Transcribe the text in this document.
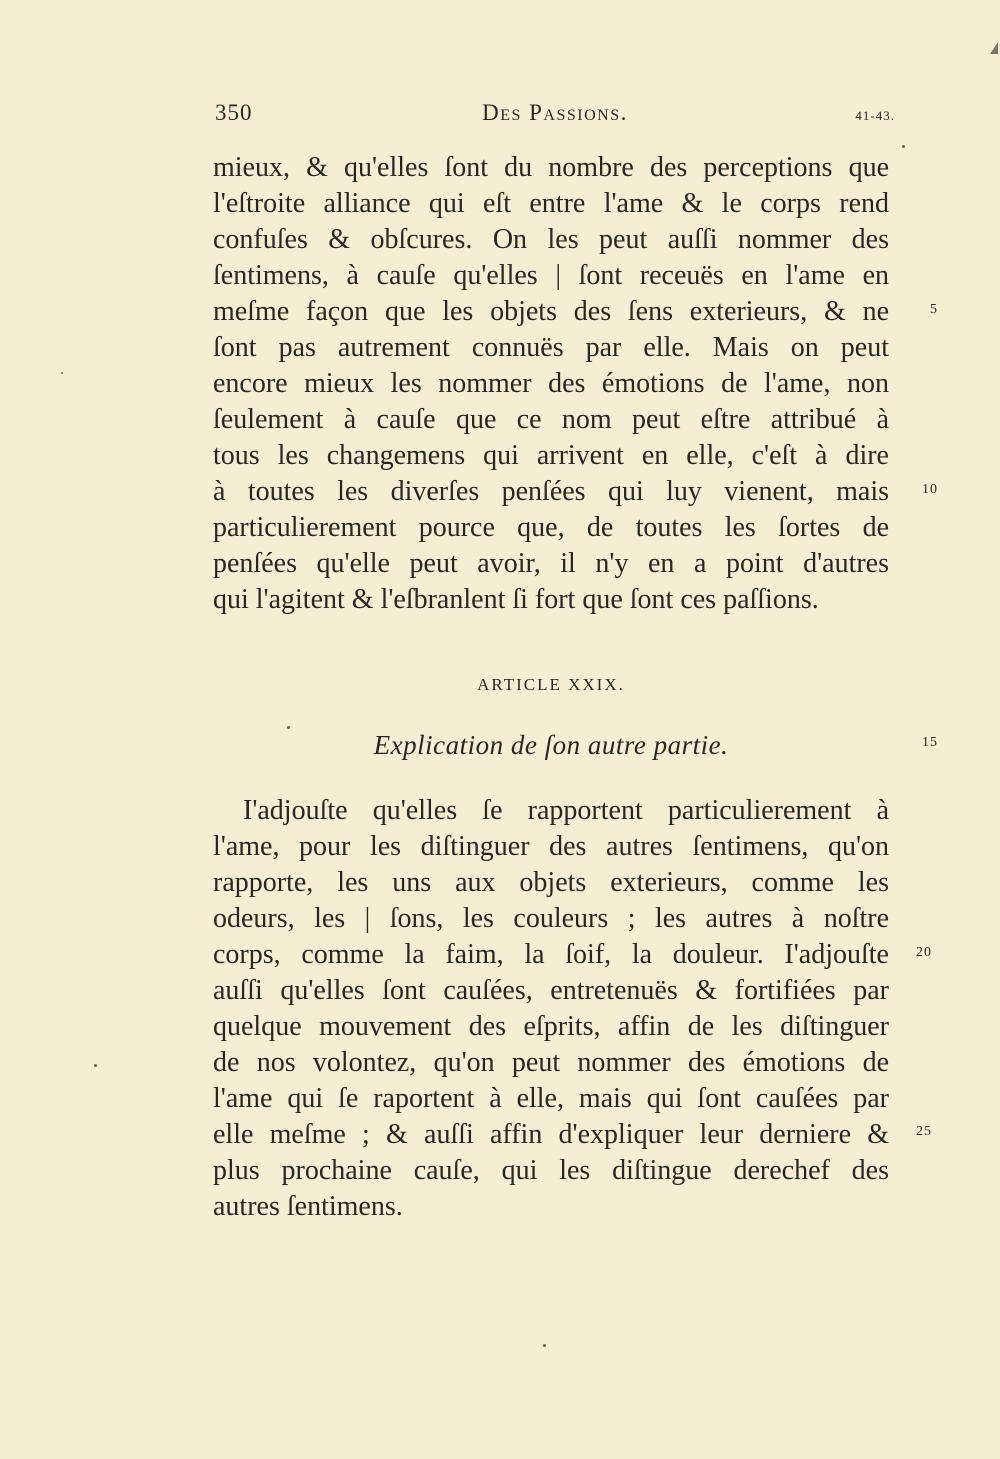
350	Des Passions.	41-43.
mieux, & qu'elles ſont du nombre des perceptions que
l'eſtroite alliance qui eſt entre l'ame & le corps rend
confuſes & obſcures. On les peut auſſi nommer des
ſentimens, à cauſe qu'elles | ſont receuës en l'ame en
meſme façon que les objets des ſens exterieurs, & ne
ſont pas autrement connuës par elle. Mais on peut
encore mieux les nommer des émotions de l'ame, non
ſeulement à cauſe que ce nom peut eſtre attribué à
tous les changemens qui arrivent en elle, c'eſt à dire
à toutes les diverſes penſées qui luy vienent, mais
particulierement pource que, de toutes les ſortes de
penſées qu'elle peut avoir, il n'y en a point d'autres
qui l'agitent & l'eſbranlent ſi fort que ſont ces paſſions.
ARTICLE XXIX.
Explication de ſon autre partie.
I'adjouſte qu'elles ſe rapportent particulierement à
l'ame, pour les diſtinguer des autres ſentimens, qu'on
rapporte, les uns aux objets exterieurs, comme les
odeurs, les | ſons, les couleurs ; les autres à noſtre
corps, comme la faim, la ſoif, la douleur. I'adjouſte
auſſi qu'elles ſont cauſées, entretenuës & fortifiées par
quelque mouvement des eſprits, affin de les diſtinguer
de nos volontez, qu'on peut nommer des émotions de
l'ame qui ſe raportent à elle, mais qui ſont cauſées par
elle meſme ; & auſſi affin d'expliquer leur derniere &
plus prochaine cauſe, qui les diſtingue derechef des
autres ſentimens.
5
10
15
20
25
